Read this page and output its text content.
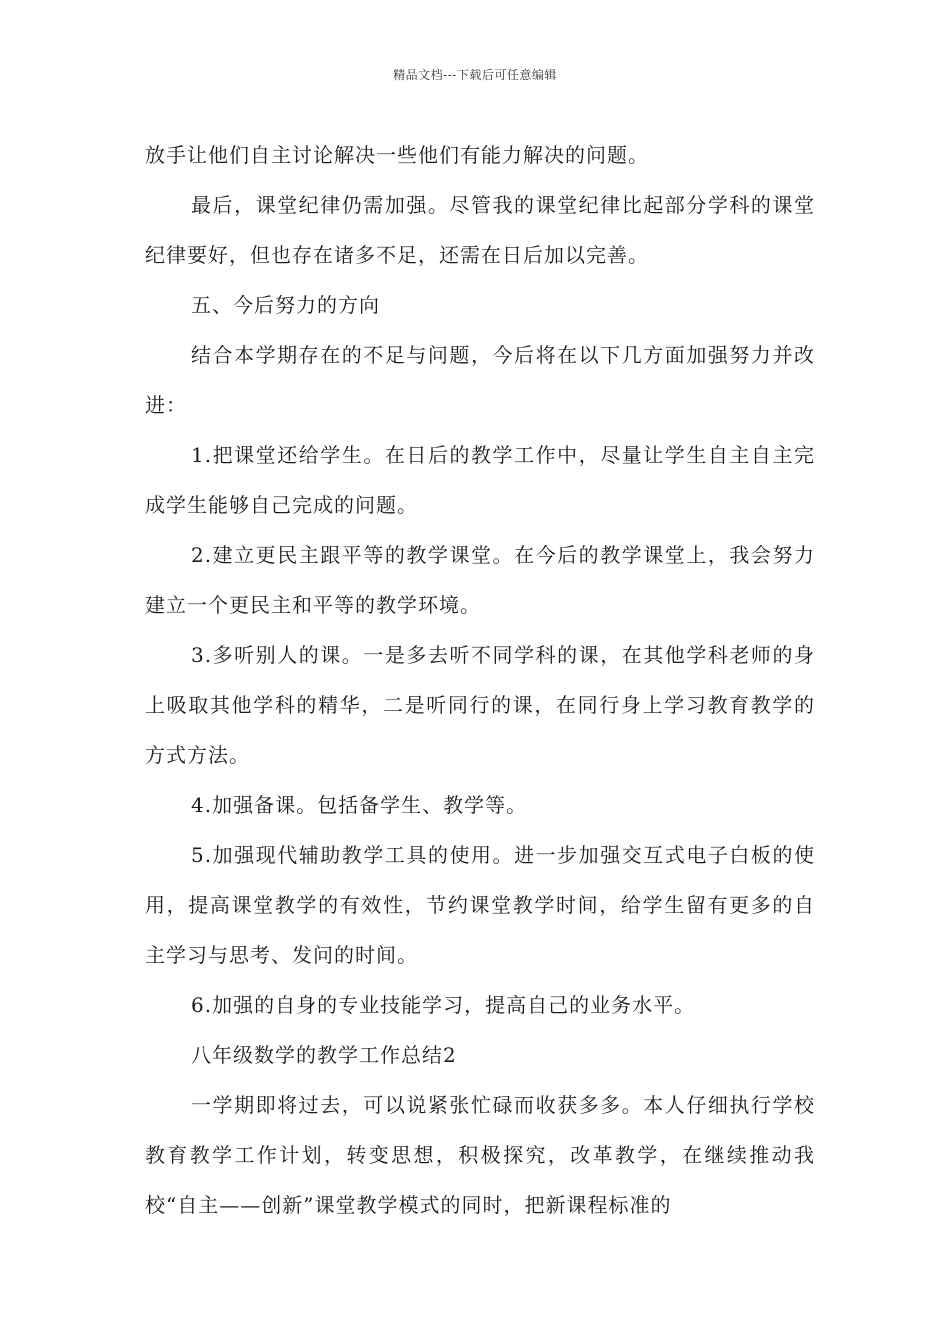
精品文档---下载后可任意编辑

放手让他们自主讨论解决一些他们有能力解决的问题。

最后，课堂纪律仍需加强。尽管我的课堂纪律比起部分学科的课堂纪律要好，但也存在诸多不足，还需在日后加以完善。

五、今后努力的方向

结合本学期存在的不足与问题，今后将在以下几方面加强努力并改进：

1.把课堂还给学生。在日后的教学工作中，尽量让学生自主自主完成学生能够自己完成的问题。

2.建立更民主跟平等的教学课堂。在今后的教学课堂上，我会努力建立一个更民主和平等的教学环境。

3.多听别人的课。一是多去听不同学科的课，在其他学科老师的身上吸取其他学科的精华，二是听同行的课，在同行身上学习教育教学的方式方法。

4.加强备课。包括备学生、教学等。

5.加强现代辅助教学工具的使用。进一步加强交互式电子白板的使用，提高课堂教学的有效性，节约课堂教学时间，给学生留有更多的自主学习与思考、发问的时间。

6.加强的自身的专业技能学习，提高自己的业务水平。

八年级数学的教学工作总结2

一学期即将过去，可以说紧张忙碌而收获多多。本人仔细执行学校教育教学工作计划，转变思想，积极探究，改革教学，在继续推动我校“自主——创新”课堂教学模式的同时，把新课程标准的
